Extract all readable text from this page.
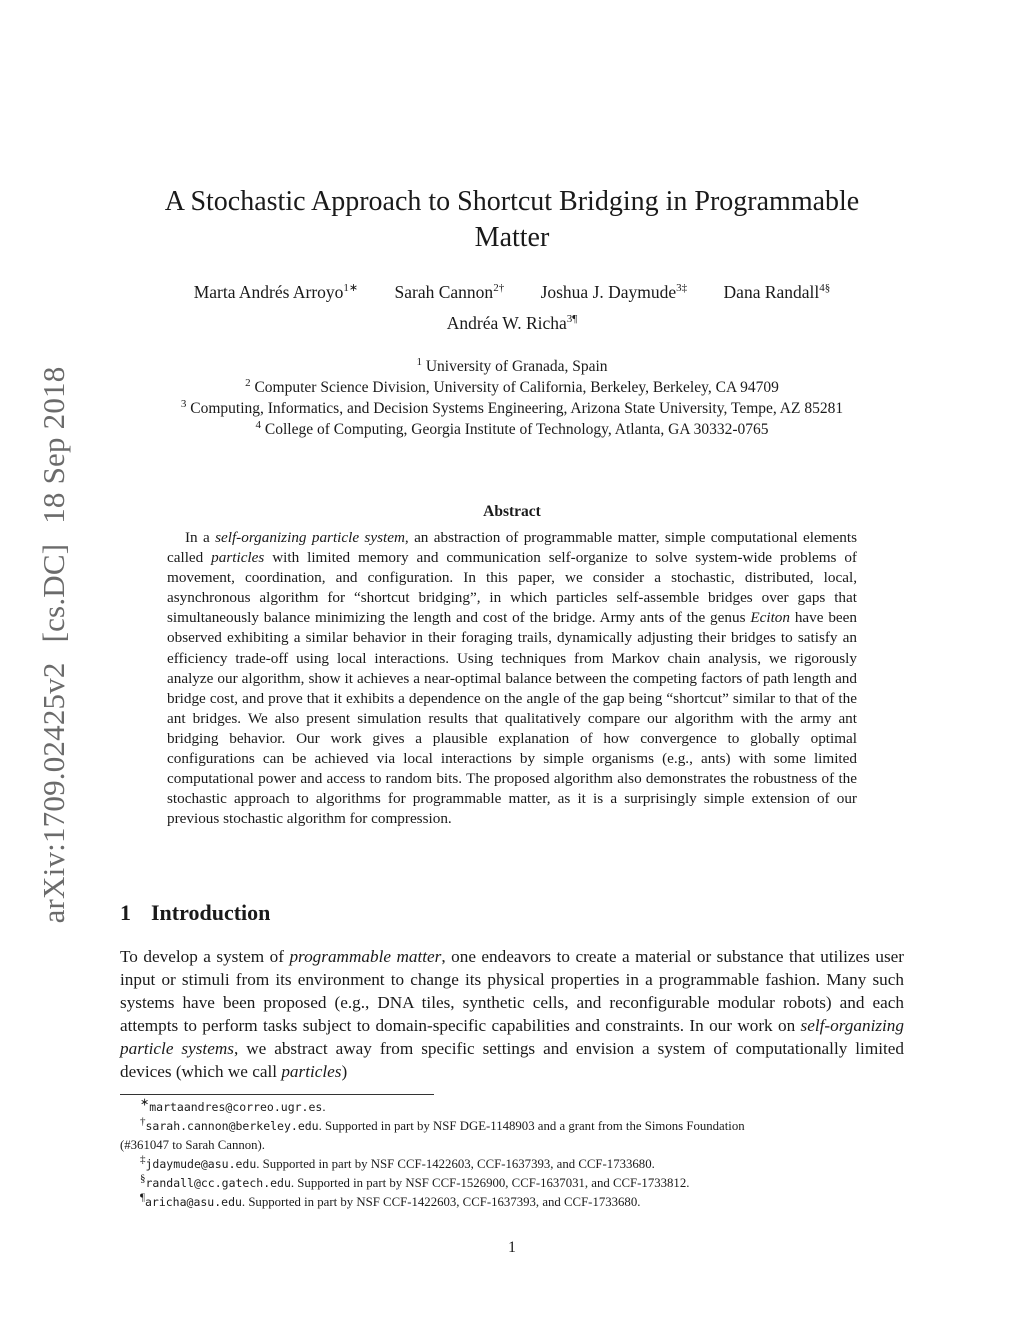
arXiv:1709.02425v2 [cs.DC] 18 Sep 2018
A Stochastic Approach to Shortcut Bridging in Programmable
Matter
Marta Andrés Arroyo$^{1∗}$ Sarah Cannon$^{2\dagger}$ Joshua J. Daymude$^{3\ddagger}$ Dana Randall$^{4\S}$
Andréa W. Richa$^{3\P}$
$^1$ University of Granada, Spain
$^2$ Computer Science Division, University of California, Berkeley, Berkeley, CA 94709
$^3$ Computing, Informatics, and Decision Systems Engineering, Arizona State University, Tempe, AZ 85281
$^4$ College of Computing, Georgia Institute of Technology, Atlanta, GA 30332-0765
Abstract
In a self-organizing particle system, an abstraction of programmable matter, simple computational elements called particles with limited memory and communication self-organize to solve system-wide problems of movement, coordination, and configuration. In this paper, we consider a stochastic, distributed, local, asynchronous algorithm for “shortcut bridging”, in which particles self-assemble bridges over gaps that simultaneously balance minimizing the length and cost of the bridge. Army ants of the genus Eciton have been observed exhibiting a similar behavior in their foraging trails, dynamically adjusting their bridges to satisfy an efficiency trade-off using local interactions. Using techniques from Markov chain analysis, we rigorously analyze our algorithm, show it achieves a near-optimal balance between the competing factors of path length and bridge cost, and prove that it exhibits a dependence on the angle of the gap being “shortcut” similar to that of the ant bridges. We also present simulation results that qualitatively compare our algorithm with the army ant bridging behavior. Our work gives a plausible explanation of how convergence to globally optimal configurations can be achieved via local interactions by simple organisms (e.g., ants) with some limited computational power and access to random bits. The proposed algorithm also demonstrates the robustness of the stochastic approach to algorithms for programmable matter, as it is a surprisingly simple extension of our previous stochastic algorithm for compression.
1 Introduction
To develop a system of programmable matter, one endeavors to create a material or substance that utilizes user input or stimuli from its environment to change its physical properties in a programmable fashion. Many such systems have been proposed (e.g., DNA tiles, synthetic cells, and reconfigurable modular robots) and each attempts to perform tasks subject to domain-specific capabilities and constraints. In our work on self-organizing particle systems, we abstract away from specific settings and envision a system of computationally limited devices (which we call particles)
∗martaandres@correo.ugr.es.
†sarah.cannon@berkeley.edu. Supported in part by NSF DGE-1148903 and a grant from the Simons Foundation
(#361047 to Sarah Cannon).
‡jdaymude@asu.edu. Supported in part by NSF CCF-1422603, CCF-1637393, and CCF-1733680.
§randall@cc.gatech.edu. Supported in part by NSF CCF-1526900, CCF-1637031, and CCF-1733812.
¶aricha@asu.edu. Supported in part by NSF CCF-1422603, CCF-1637393, and CCF-1733680.
1
